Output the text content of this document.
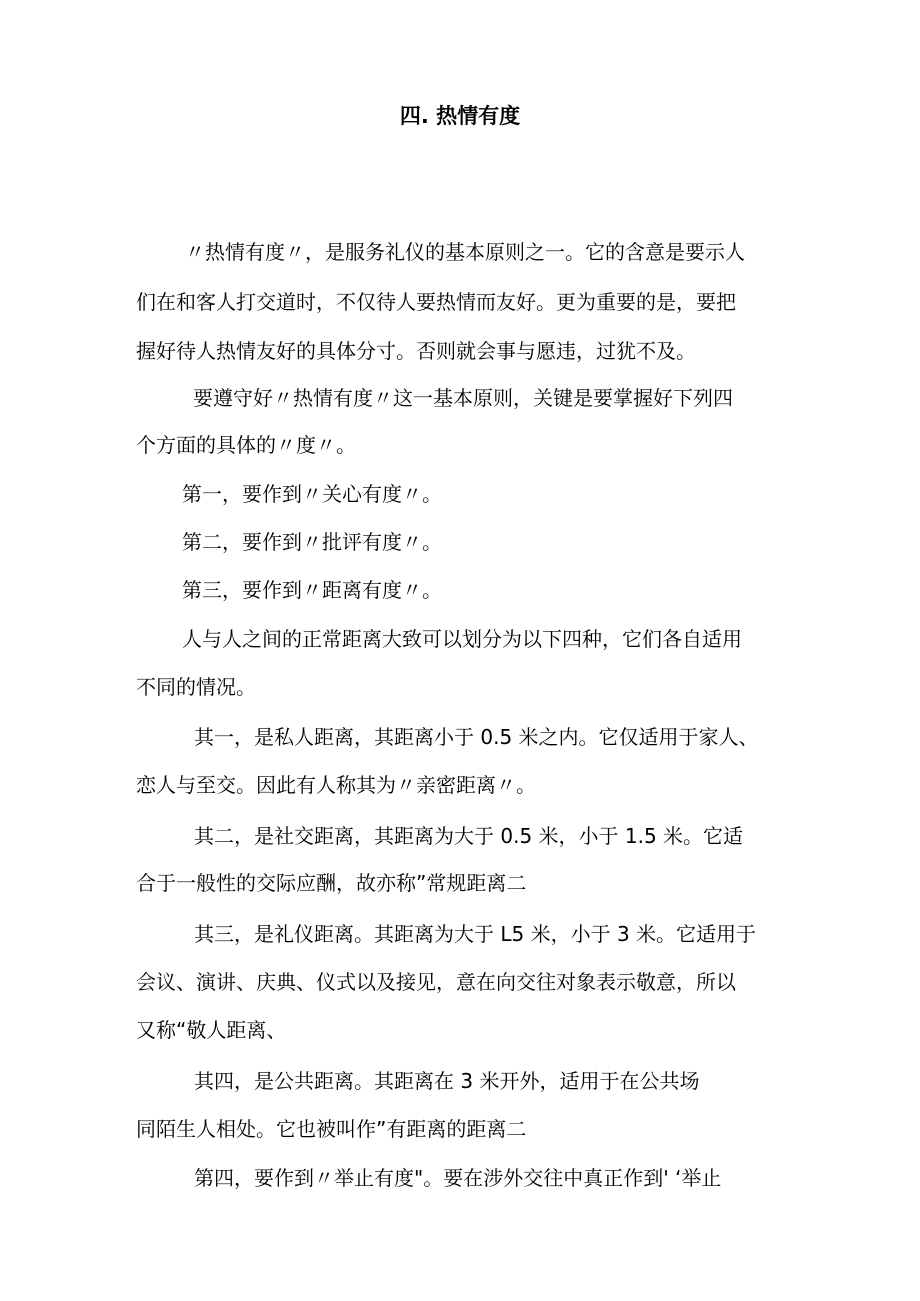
四. 热情有度
〃热情有度〃，是服务礼仪的基本原则之一。它的含意是要示人
们在和客人打交道时，不仅待人要热情而友好。更为重要的是，要把
握好待人热情友好的具体分寸。否则就会事与愿违，过犹不及。
要遵守好〃热情有度〃这一基本原则，关键是要掌握好下列四
个方面的具体的〃度〃。
第一，要作到〃关心有度〃。
第二，要作到〃批评有度〃。
第三，要作到〃距离有度〃。
人与人之间的正常距离大致可以划分为以下四种，它们各自适用
不同的情况。
其一，是私人距离，其距离小于 0.5 米之内。它仅适用于家人、
恋人与至交。因此有人称其为〃亲密距离〃。
其二，是社交距离，其距离为大于 0.5 米，小于 1.5 米。它适
合于一般性的交际应酬，故亦称”常规距离二
其三，是礼仪距离。其距离为大于 L5 米，小于 3 米。它适用于
会议、演讲、庆典、仪式以及接见，意在向交往对象表示敬意，所以
又称“敬人距离、
其四，是公共距离。其距离在 3 米开外，适用于在公共场
同陌生人相处。它也被叫作”有距离的距离二
第四，要作到〃举止有度"。要在涉外交往中真正作到' ‘举止
